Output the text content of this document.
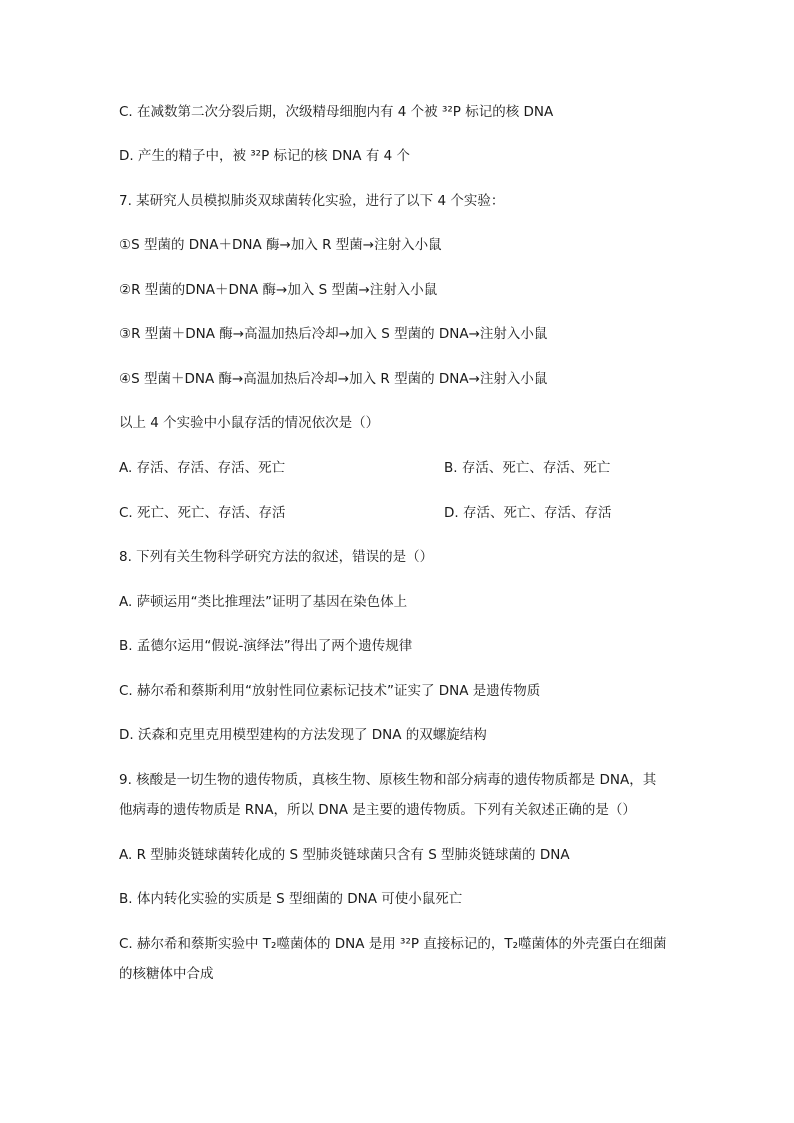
C. 在减数第二次分裂后期，次级精母细胞内有 4 个被 ³²P 标记的核 DNA
D. 产生的精子中，被 ³²P 标记的核 DNA 有 4 个
7. 某研究人员模拟肺炎双球菌转化实验，进行了以下 4 个实验：
①S 型菌的 DNA＋DNA 酶→加入 R 型菌→注射入小鼠
②R 型菌的DNA＋DNA 酶→加入 S 型菌→注射入小鼠
③R 型菌＋DNA 酶→高温加热后冷却→加入 S 型菌的 DNA→注射入小鼠
④S 型菌＋DNA 酶→高温加热后冷却→加入 R 型菌的 DNA→注射入小鼠
以上 4 个实验中小鼠存活的情况依次是（）
A. 存活、存活、存活、死亡	B. 存活、死亡、存活、死亡
C. 死亡、死亡、存活、存活	D. 存活、死亡、存活、存活
8. 下列有关生物科学研究方法的叙述，错误的是（）
A. 萨顿运用“类比推理法”证明了基因在染色体上
B. 孟德尔运用“假说-演绎法”得出了两个遗传规律
C. 赫尔希和蔡斯利用“放射性同位素标记技术”证实了 DNA 是遗传物质
D. 沃森和克里克用模型建构的方法发现了 DNA 的双螺旋结构
9. 核酸是一切生物的遗传物质，真核生物、原核生物和部分病毒的遗传物质都是 DNA，其
他病毒的遗传物质是 RNA，所以 DNA 是主要的遗传物质。下列有关叙述正确的是（）
A. R 型肺炎链球菌转化成的 S 型肺炎链球菌只含有 S 型肺炎链球菌的 DNA
B. 体内转化实验的实质是 S 型细菌的 DNA 可使小鼠死亡
C. 赫尔希和蔡斯实验中 T₂噬菌体的 DNA 是用 ³²P 直接标记的，T₂噬菌体的外壳蛋白在细菌
的核糖体中合成
